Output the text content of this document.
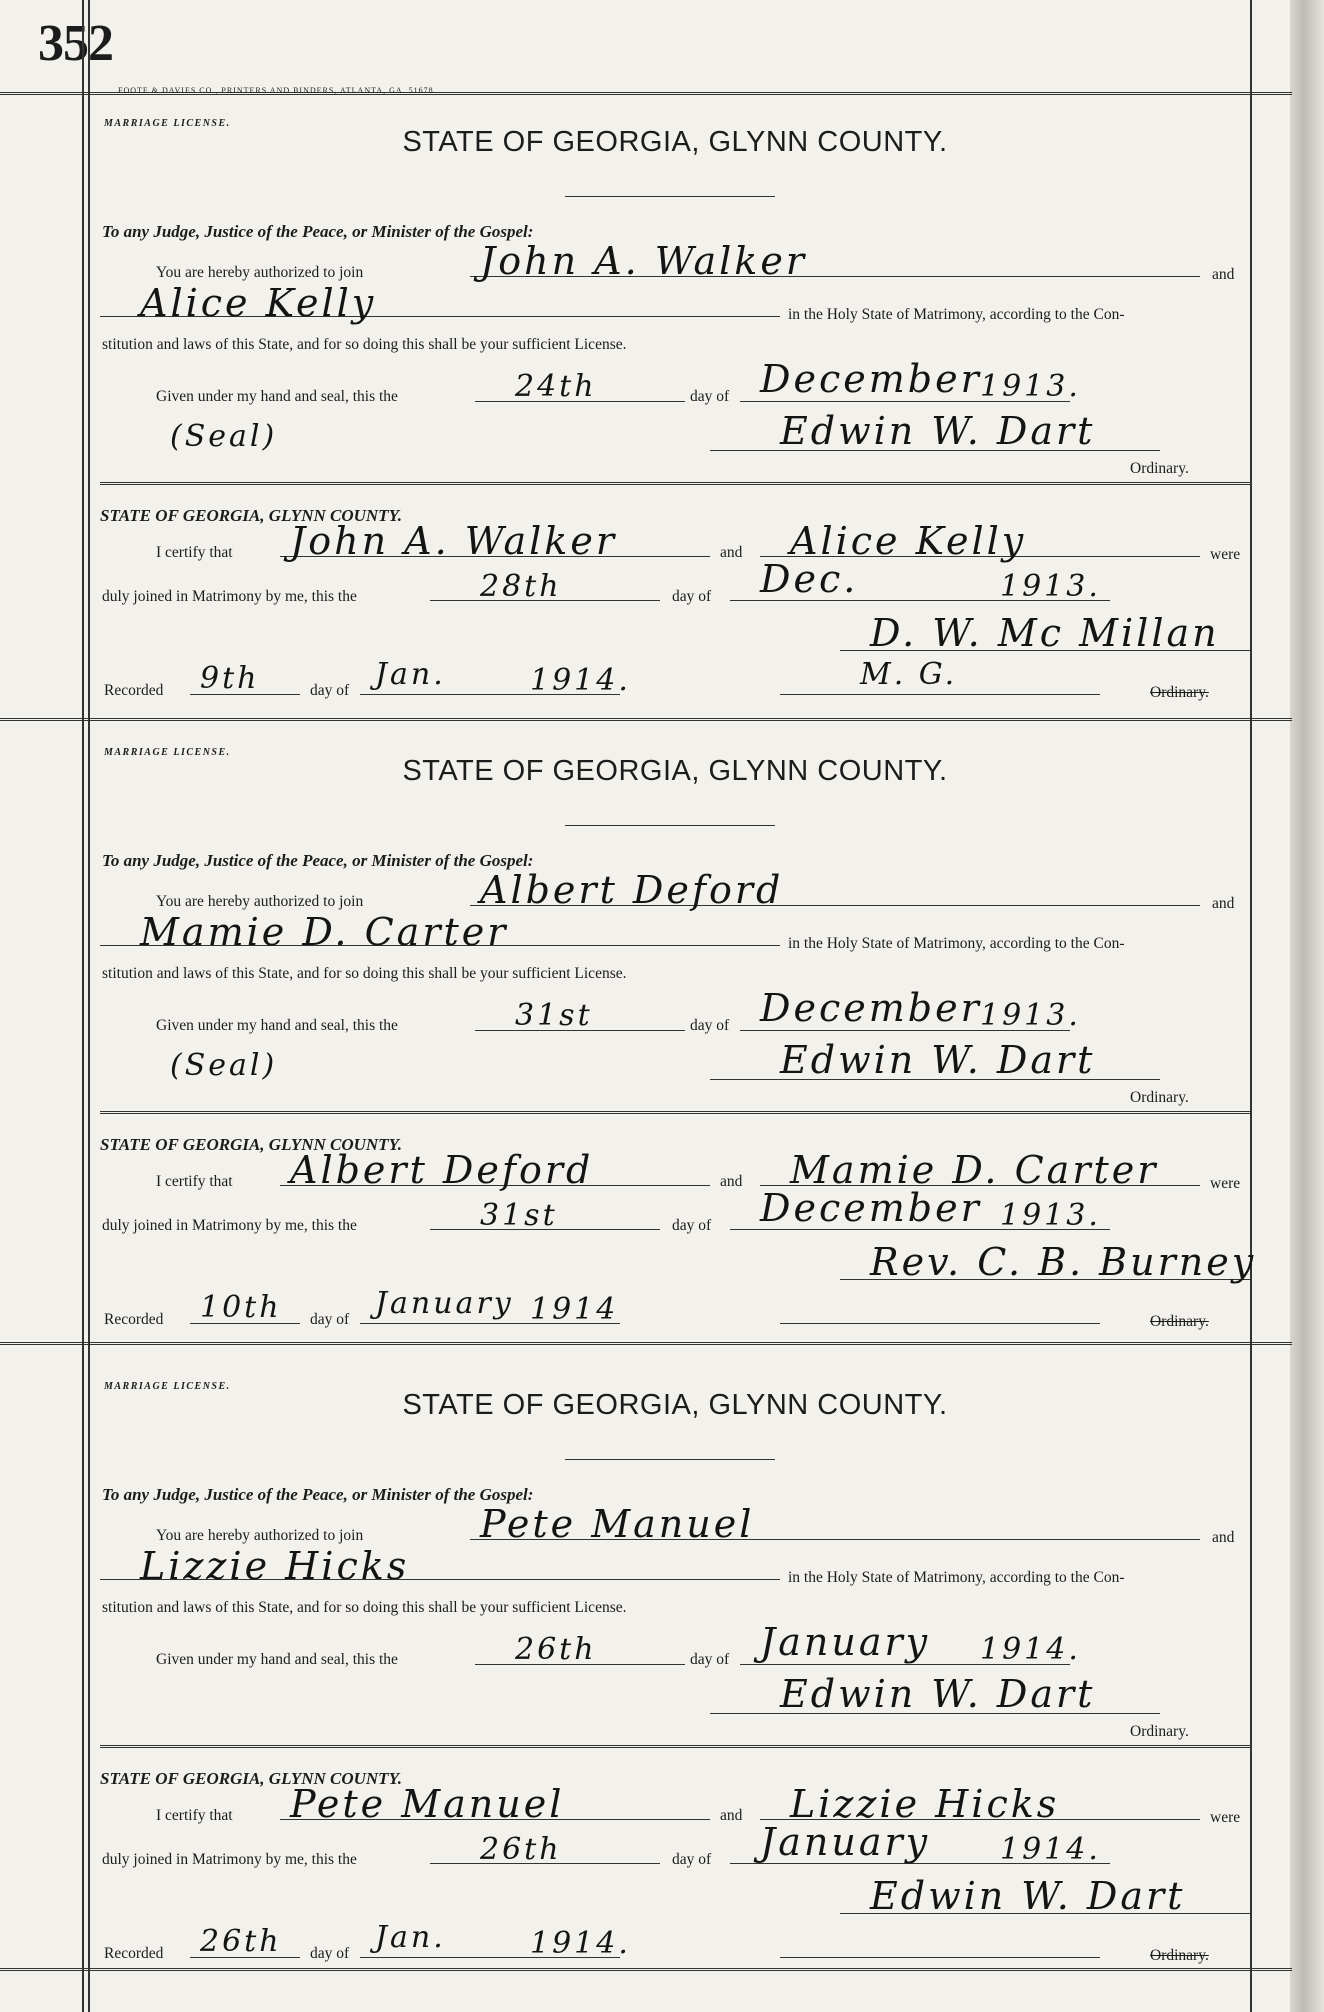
352
FOOTE & DAVIES CO., PRINTERS AND BINDERS, ATLANTA, GA. 51678.
MARRIAGE LICENSE.
STATE OF GEORGIA, GLYNN COUNTY.
To any Judge, Justice of the Peace, or Minister of the Gospel:
You are hereby authorized to join	John A. Walker	and
Alice Kelly	in the Holy State of Matrimony, according to the Con-
stitution and laws of this State, and for so doing this shall be your sufficient License.
Given under my hand and seal, this the	24th	day of December
1913.
(Seal)	Edwin W. Dart
Ordinary.
STATE OF GEORGIA, GLYNN COUNTY.
I certify that John A. Walker	and Alice Kelly	were
duly joined in Matrimony by me, this the	28th	day of Dec.	1913.
D. W. Mc Millan
Recorded 9th	day of Jan.	1914.	M. G.
Ordinary.
MARRIAGE LICENSE.
STATE OF GEORGIA, GLYNN COUNTY.
To any Judge, Justice of the Peace, or Minister of the Gospel:
You are hereby authorized to join	Albert Deford	and
Mamie D. Carter	in the Holy State of Matrimony, according to the Con-
stitution and laws of this State, and for so doing this shall be your sufficient License.
Given under my hand and seal, this the	31st	day of December
1913.
(Seal)	Edwin W. Dart
Ordinary.
STATE OF GEORGIA, GLYNN COUNTY.
I certify that Albert Deford	and Mamie D. Carter	were
duly joined in Matrimony by me, this the	31st	day of December 1913.
Rev. C. B. Burney
Recorded 10th day of January 1914	Ordinary.
MARRIAGE LICENSE.
STATE OF GEORGIA, GLYNN COUNTY.
To any Judge, Justice of the Peace, or Minister of the Gospel:
You are hereby authorized to join	Pete Manuel	and
Lizzie Hicks	in the Holy State of Matrimony, according to the Con-
stitution and laws of this State, and for so doing this shall be your sufficient License.
Given under my hand and seal, this the	26th	day of January 1914.
Edwin W. Dart
Ordinary.
STATE OF GEORGIA, GLYNN COUNTY.
I certify that Pete Manuel	and Lizzie Hicks	were
duly joined in Matrimony by me, this the	26th	day of January 1914.
Edwin W. Dart
Recorded 26th day of Jan.	1914.	Ordinary.
